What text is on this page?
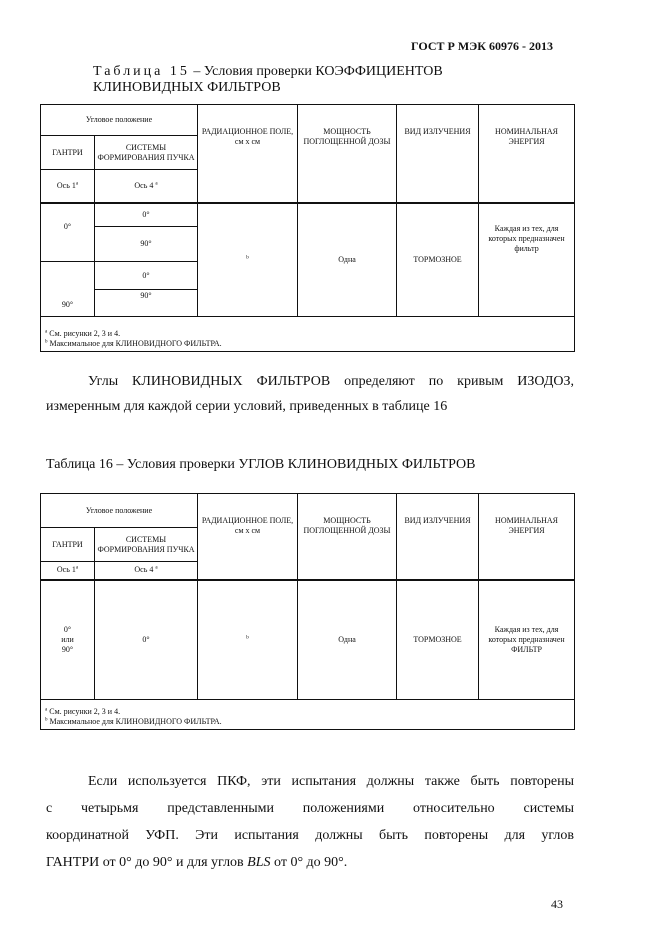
ГОСТ Р МЭК 60976 - 2013
Таблица 15 – Условия проверки КОЭФФИЦИЕНТОВ
КЛИНОВИДНЫХ ФИЛЬТРОВ
Угловое положение		РАДИАЦИОННОЕ ПОЛЕ,
см х см	МОЩНОСТЬ ПОГЛОЩЕННОЙ ДОЗЫ	ВИД ИЗЛУЧЕНИЯ	НОМИНАЛЬНАЯ ЭНЕРГИЯ
ГАНТРИ	СИСТЕМЫ ФОРМИРОВАНИЯ ПУЧКА				
Ось 1$^a$	Ось 4 $^a$
0°	0°	$^b$	Одна	ТОРМОЗНОЕ	Каждая из тех, для которых предназначен фильтр
	90°				
90°	0°				
	90°				
$^a$ См. рисунки 2, 3 и 4.
$^b$ Максимальное для КЛИНОВИДНОГО ФИЛЬТРА.					
Углы КЛИНОВИДНЫХ ФИЛЬТРОВ определяют по кривым ИЗОДОЗ,
измеренным для каждой серии условий, приведенных в таблице 16
Таблица 16 – Условия проверки УГЛОВ КЛИНОВИДНЫХ ФИЛЬТРОВ
Угловое положение		РАДИАЦИОННОЕ ПОЛЕ,
см х см	МОЩНОСТЬ ПОГЛОЩЕННОЙ ДОЗЫ	ВИД ИЗЛУЧЕНИЯ	НОМИНАЛЬНАЯ ЭНЕРГИЯ
ГАНТРИ	СИСТЕМЫ ФОРМИРОВАНИЯ ПУЧКА				
Ось 1$^a$	Ось 4 $^a$
0°
или
90°	0°	$^b$	Одна	ТОРМОЗНОЕ	Каждая из тех, для которых предназначен ФИЛЬТР
$^a$ См. рисунки 2, 3 и 4.
$^b$ Максимальное для КЛИНОВИДНОГО ФИЛЬТРА.					
Если используется ПКФ, эти испытания должны также быть повторены
с четырьмя представленными положениями относительно системы
координатной УФП. Эти испытания должны быть повторены для углов
ГАНТРИ от 0° до 90° и для углов BLS от 0° до 90°.
43
